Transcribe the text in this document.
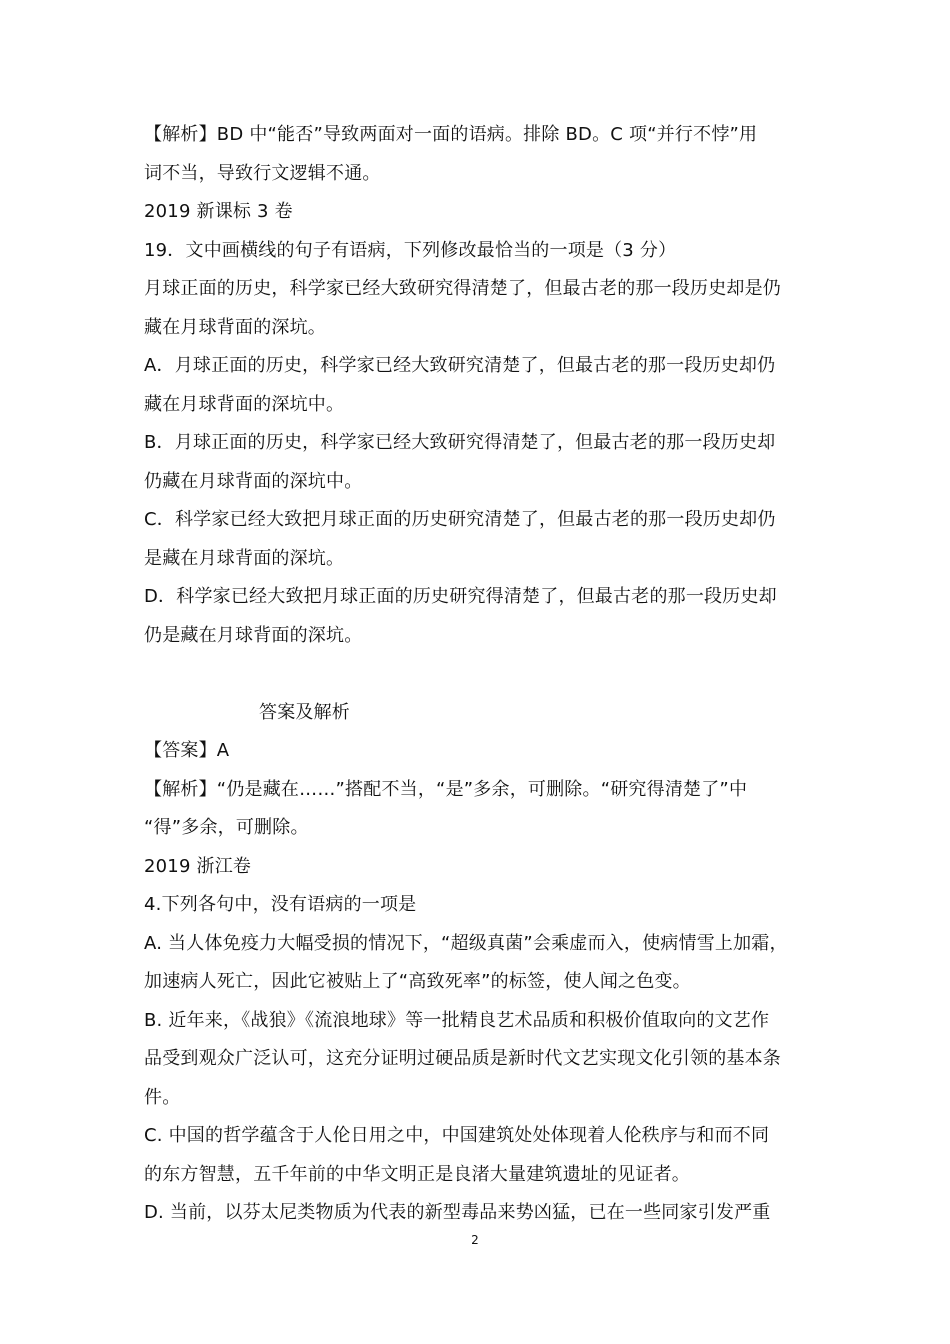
【解析】BD 中“能否”导致两面对一面的语病。排除 BD。C 项“并行不悖”用
词不当，导致行文逻辑不通。
2019 新课标 3 卷
19．文中画横线的句子有语病，下列修改最恰当的一项是（3 分）
月球正面的历史，科学家已经大致研究得清楚了，但最古老的那一段历史却是仍
藏在月球背面的深坑。
A．月球正面的历史，科学家已经大致研究清楚了，但最古老的那一段历史却仍
藏在月球背面的深坑中。
B．月球正面的历史，科学家已经大致研究得清楚了，但最古老的那一段历史却
仍藏在月球背面的深坑中。
C．科学家已经大致把月球正面的历史研究清楚了，但最古老的那一段历史却仍
是藏在月球背面的深坑。
D．科学家已经大致把月球正面的历史研究得清楚了，但最古老的那一段历史却
仍是藏在月球背面的深坑。
答案及解析
【答案】A
【解析】“仍是藏在……”搭配不当，“是”多余，可删除。“研究得清楚了”中
“得”多余，可删除。
2019 浙江卷
4.下列各句中，没有语病的一项是
A. 当人体免疫力大幅受损的情况下，“超级真菌”会乘虚而入，使病情雪上加霜，
加速病人死亡，因此它被贴上了“高致死率”的标签，使人闻之色变。
B. 近年来，《战狼》《流浪地球》等一批精良艺术品质和积极价值取向的文艺作
品受到观众广泛认可，这充分证明过硬品质是新时代文艺实现文化引领的基本条
件。
C. 中国的哲学蕴含于人伦日用之中，中国建筑处处体现着人伦秩序与和而不同
的东方智慧，五千年前的中华文明正是良渚大量建筑遗址的见证者。
D. 当前，以芬太尼类物质为代表的新型毒品来势凶猛，已在一些同家引发严重
2
